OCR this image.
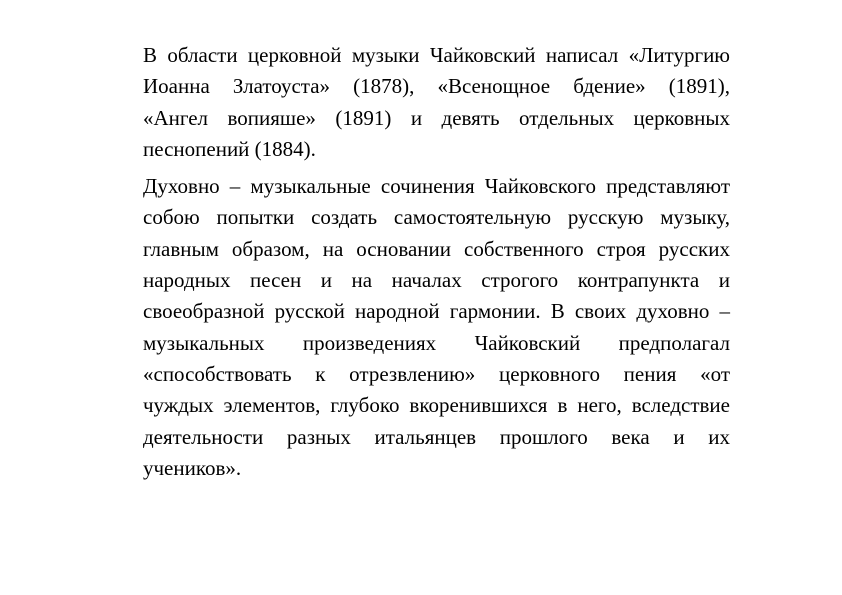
В области церковной музыки Чайковский написал «Литургию
Иоанна Златоуста» (1878), «Всенощное бдение» (1891),
«Ангел вопияше» (1891) и девять отдельных церковных
песнопений (1884).
Духовно – музыкальные сочинения Чайковского представляют
собою попытки создать самостоятельную русскую музыку,
главным образом, на основании собственного строя русских
народных песен и на началах строгого контрапункта и
своеобразной русской народной гармонии. В своих духовно –
музыкальных произведениях Чайковский предполагал
«способствовать к отрезвлению» церковного пения «от
чуждых элементов, глубоко вкоренившихся в него, вследствие
деятельности разных итальянцев прошлого века и их
учеников».
